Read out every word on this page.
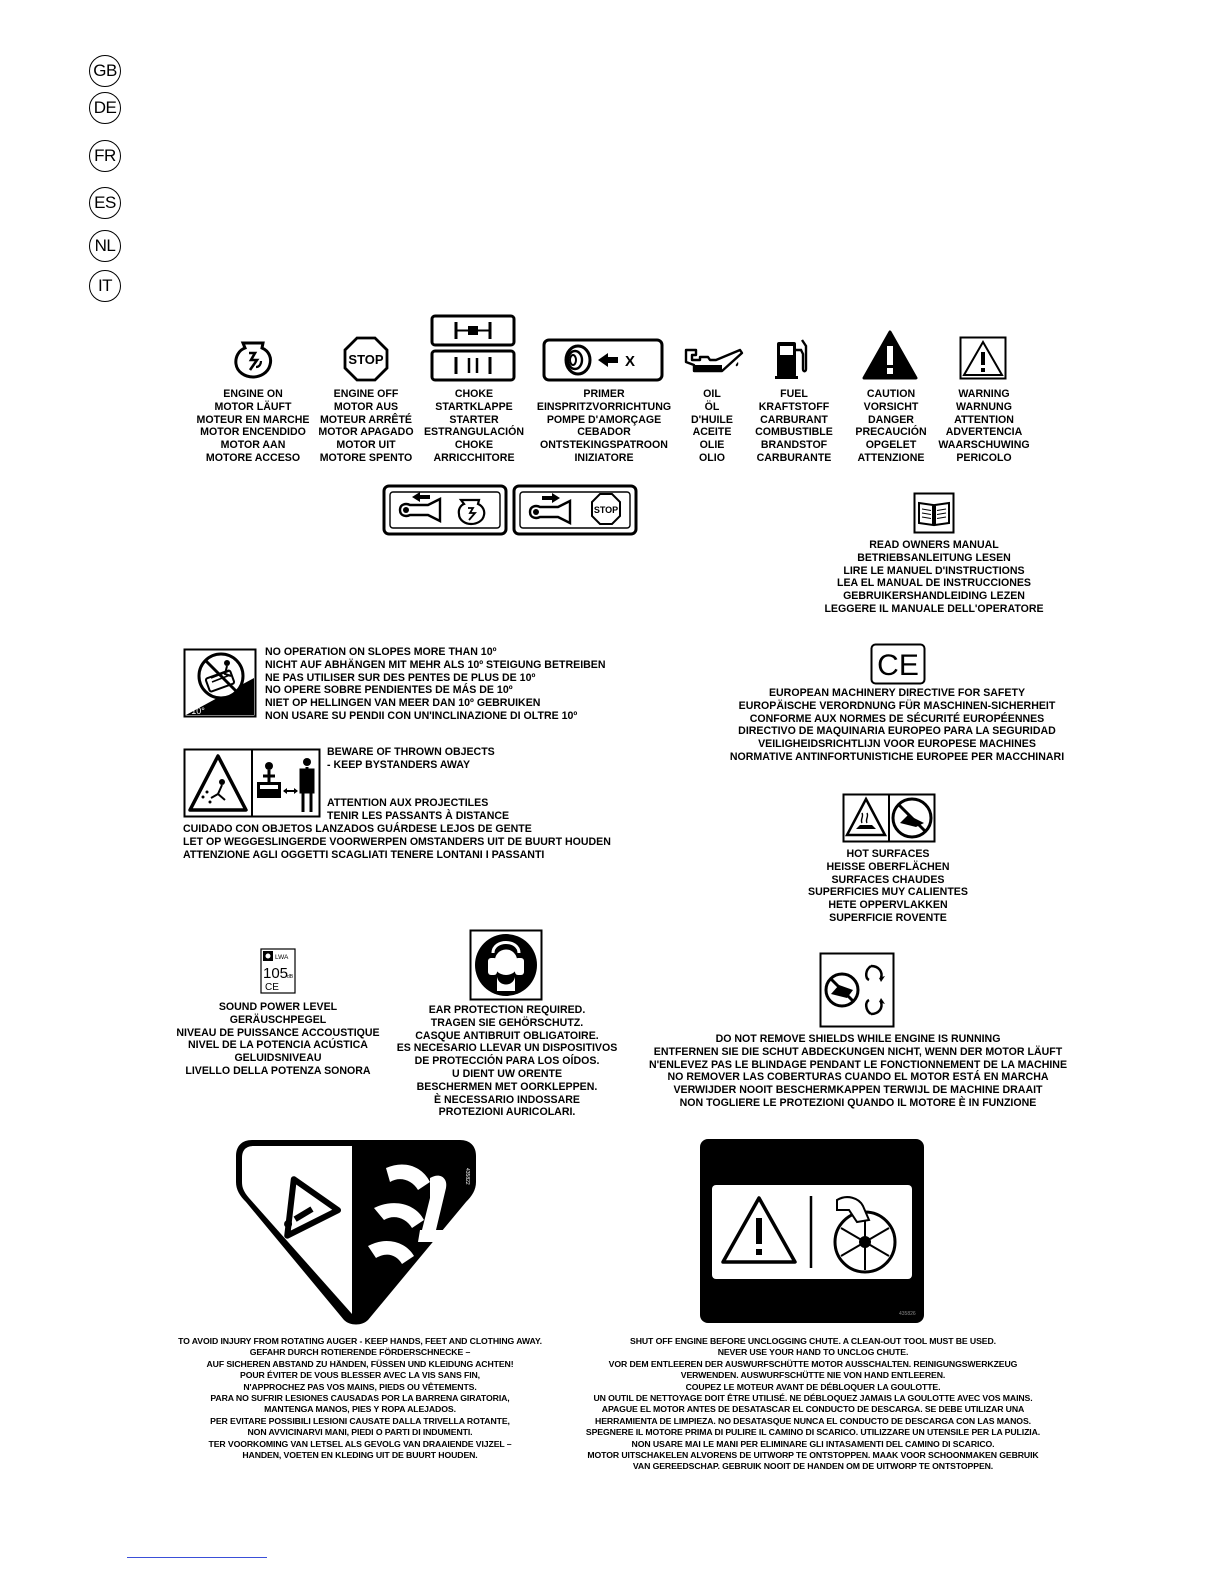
GB
DE
FR
ES
NL
IT
ENGINE ON
MOTOR LÄUFT
MOTEUR EN MARCHE
MOTOR ENCENDIDO
MOTOR AAN
MOTORE ACCESO
STOP
ENGINE OFF
MOTOR AUS
MOTEUR ARRÊTÉ
MOTOR APAGADO
MOTOR UIT
MOTORE SPENTO
CHOKE
STARTKLAPPE
STARTER
ESTRANGULACIÓN
CHOKE
ARRICCHITORE
X
PRIMER
EINSPRITZVORRICHTUNG
POMPE D'AMORÇAGE
CEBADOR
ONTSTEKINGSPATROON
INIZIATORE
OIL
ÖL
D'HUILE
ACEITE
OLIE
OLIO
FUEL
KRAFTSTOFF
CARBURANT
COMBUSTIBLE
BRANDSTOF
CARBURANTE
CAUTION
VORSICHT
DANGER
PRECAUCIÓN
OPGELET
ATTENZIONE
WARNING
WARNUNG
ATTENTION
ADVERTENCIA
WAARSCHUWING
PERICOLO
STOP
READ OWNERS MANUAL
BETRIEBSANLEITUNG LESEN
LIRE LE MANUEL D'INSTRUCTIONS
LEA EL MANUAL DE INSTRUCCIONES
GEBRUIKERSHANDLEIDING LEZEN
LEGGERE IL MANUALE DELL'OPERATORE
>10°
NO OPERATION ON SLOPES MORE THAN 10º
NICHT AUF ABHÄNGEN MIT MEHR ALS 10º STEIGUNG BETREIBEN
NE PAS UTILISER SUR DES PENTES DE PLUS DE 10º
NO OPERE SOBRE PENDIENTES DE MÁS DE 10º
NIET OP HELLINGEN VAN MEER DAN 10º GEBRUIKEN
NON USARE SU PENDII CON UN'INCLINAZIONE DI OLTRE 10º
CE
EUROPEAN MACHINERY DIRECTIVE FOR SAFETY
EUROPÄISCHE VERORDNUNG FÜR MASCHINEN-SICHERHEIT
CONFORME AUX NORMES DE SÉCURITÉ EUROPÉENNES
DIRECTIVO DE MAQUINARIA EUROPEO PARA LA SEGURIDAD
VEILIGHEIDSRICHTLIJN VOOR EUROPESE MACHINES
NORMATIVE ANTINFORTUNISTICHE EUROPEE PER MACCHINARI
BEWARE OF THROWN OBJECTS
- KEEP BYSTANDERS AWAY

ATTENTION AUX PROJECTILES
TENIR LES PASSANTS À DISTANCE
CUIDADO CON OBJETOS LANZADOS GUÁRDESE LEJOS DE GENTE
LET OP WEGGESLINGERDE VOORWERPEN OMSTANDERS UIT DE BUURT HOUDEN
ATTENZIONE AGLI OGGETTI SCAGLIATI TENERE LONTANI I PASSANTI	HOT SURFACES
HEISSE OBERFLÄCHEN
SURFACES CHAUDES
SUPERFICIES MUY CALIENTES
HETE OPPERVLAKKEN
SUPERFICIE ROVENTE
LWA
105
dB
CE
SOUND POWER LEVEL
GERÄUSCHPEGEL
NIVEAU DE PUISSANCE ACCOUSTIQUE
NIVEL DE LA POTENCIA ACÚSTICA
GELUIDSNIVEAU
LIVELLO DELLA POTENZA SONORA
EAR PROTECTION REQUIRED.
TRAGEN SIE GEHÖRSCHUTZ.
CASQUE ANTIBRUIT OBLIGATOIRE.
ES NECESARIO LLEVAR UN DISPOSITIVOS
DE PROTECCIÓN PARA LOS OÍDOS.
U DIENT UW ORENTE
BESCHERMEN MET OORKLEPPEN.
È NECESSARIO INDOSSARE
PROTEZIONI AURICOLARI.
DO NOT REMOVE SHIELDS WHILE ENGINE IS RUNNING
ENTFERNEN SIE DIE SCHUT ABDECKUNGEN NICHT, WENN DER MOTOR LÄUFT
N'ENLEVEZ PAS LE BLINDAGE PENDANT LE FONCTIONNEMENT DE LA MACHINE
NO REMOVER LAS COBERTURAS CUANDO EL MOTOR ESTÁ EN MARCHA
VERWIJDER NOOIT BESCHERMKAPPEN TERWIJL DE MACHINE DRAAIT
NON TOGLIERE LE PROTEZIONI QUANDO IL MOTORE È IN FUNZIONE
435822
TO AVOID INJURY FROM ROTATING AUGER - KEEP HANDS, FEET AND CLOTHING AWAY.
GEFAHR DURCH ROTIERENDE FÖRDERSCHNECKE –
AUF SICHEREN ABSTAND ZU HÄNDEN, FÜSSEN UND KLEIDUNG ACHTEN!
POUR ÉVITER DE VOUS BLESSER AVEC LA VIS SANS FIN,
N'APPROCHEZ PAS VOS MAINS, PIEDS OU VÊTEMENTS.
PARA NO SUFRIR LESIONES CAUSADAS POR LA BARRENA GIRATORIA,
MANTENGA MANOS, PIES Y ROPA ALEJADOS.
PER EVITARE POSSIBILI LESIONI CAUSATE DALLA TRIVELLA ROTANTE,
NON AVVICINARVI MANI, PIEDI O PARTI DI INDUMENTI.
TER VOORKOMING VAN LETSEL ALS GEVOLG VAN DRAAIENDE VIJZEL –
HANDEN, VOETEN EN KLEDING UIT DE BUURT HOUDEN.
435826
SHUT OFF ENGINE BEFORE UNCLOGGING CHUTE. A CLEAN-OUT TOOL MUST BE USED.
NEVER USE YOUR HAND TO UNCLOG CHUTE.
VOR DEM ENTLEEREN DER AUSWURFSCHÜTTE MOTOR AUSSCHALTEN. REINIGUNGSWERKZEUG
VERWENDEN. AUSWURFSCHÜTTE NIE VON HAND ENTLEEREN.
COUPEZ LE MOTEUR AVANT DE DÉBLOQUER LA GOULOTTE.
UN OUTIL DE NETTOYAGE DOIT ÊTRE UTILISÉ. NE DÉBLOQUEZ JAMAIS LA GOULOTTE AVEC VOS MAINS.
APAGUE EL MOTOR ANTES DE DESATASCAR EL CONDUCTO DE DESCARGA. SE DEBE UTILIZAR UNA
HERRAMIENTA DE LIMPIEZA. NO DESATASQUE NUNCA EL CONDUCTO DE DESCARGA CON LAS MANOS.
SPEGNERE IL MOTORE PRIMA DI PULIRE IL CAMINO DI SCARICO. UTILIZZARE UN UTENSILE PER LA PULIZIA.
NON USARE MAI LE MANI PER ELIMINARE GLI INTASAMENTI DEL CAMINO DI SCARICO.
MOTOR UITSCHAKELEN ALVORENS DE UITWORP TE ONTSTOPPEN. MAAK VOOR SCHOONMAKEN GEBRUIK
VAN GEREEDSCHAP. GEBRUIK NOOIT DE HANDEN OM DE UITWORP TE ONTSTOPPEN.
